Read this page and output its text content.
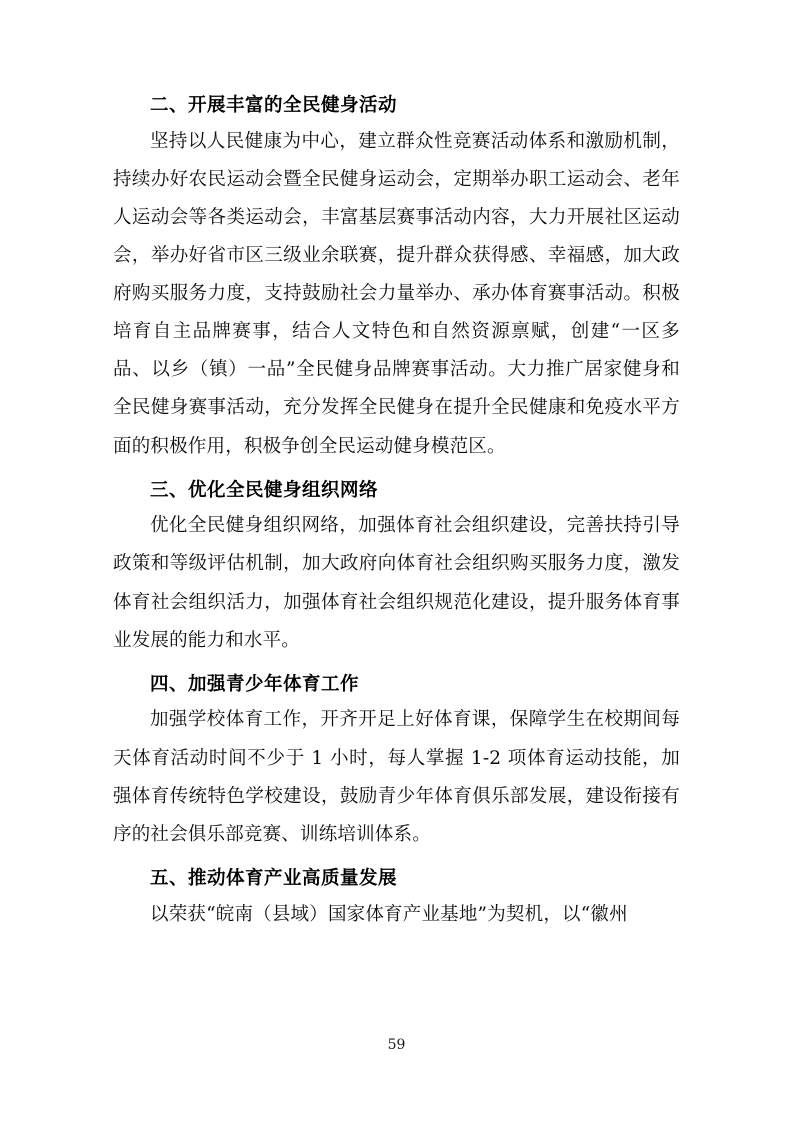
二、开展丰富的全民健身活动

坚持以人民健康为中心，建立群众性竞赛活动体系和激励机制，持续办好农民运动会暨全民健身运动会，定期举办职工运动会、老年人运动会等各类运动会，丰富基层赛事活动内容，大力开展社区运动会，举办好省市区三级业余联赛，提升群众获得感、幸福感，加大政府购买服务力度，支持鼓励社会力量举办、承办体育赛事活动。积极培育自主品牌赛事，结合人文特色和自然资源禀赋，创建“一区多品、以乡（镇）一品”全民健身品牌赛事活动。大力推广居家健身和全民健身赛事活动，充分发挥全民健身在提升全民健康和免疫水平方面的积极作用，积极争创全民运动健身模范区。

三、优化全民健身组织网络

优化全民健身组织网络，加强体育社会组织建设，完善扶持引导政策和等级评估机制，加大政府向体育社会组织购买服务力度，激发体育社会组织活力，加强体育社会组织规范化建设，提升服务体育事业发展的能力和水平。

四、加强青少年体育工作

加强学校体育工作，开齐开足上好体育课，保障学生在校期间每天体育活动时间不少于 1 小时，每人掌握 1-2 项体育运动技能，加强体育传统特色学校建设，鼓励青少年体育俱乐部发展，建设衔接有序的社会俱乐部竞赛、训练培训体系。

五、推动体育产业高质量发展

以荣获“皖南（县域）国家体育产业基地”为契机，以“徽州

59
